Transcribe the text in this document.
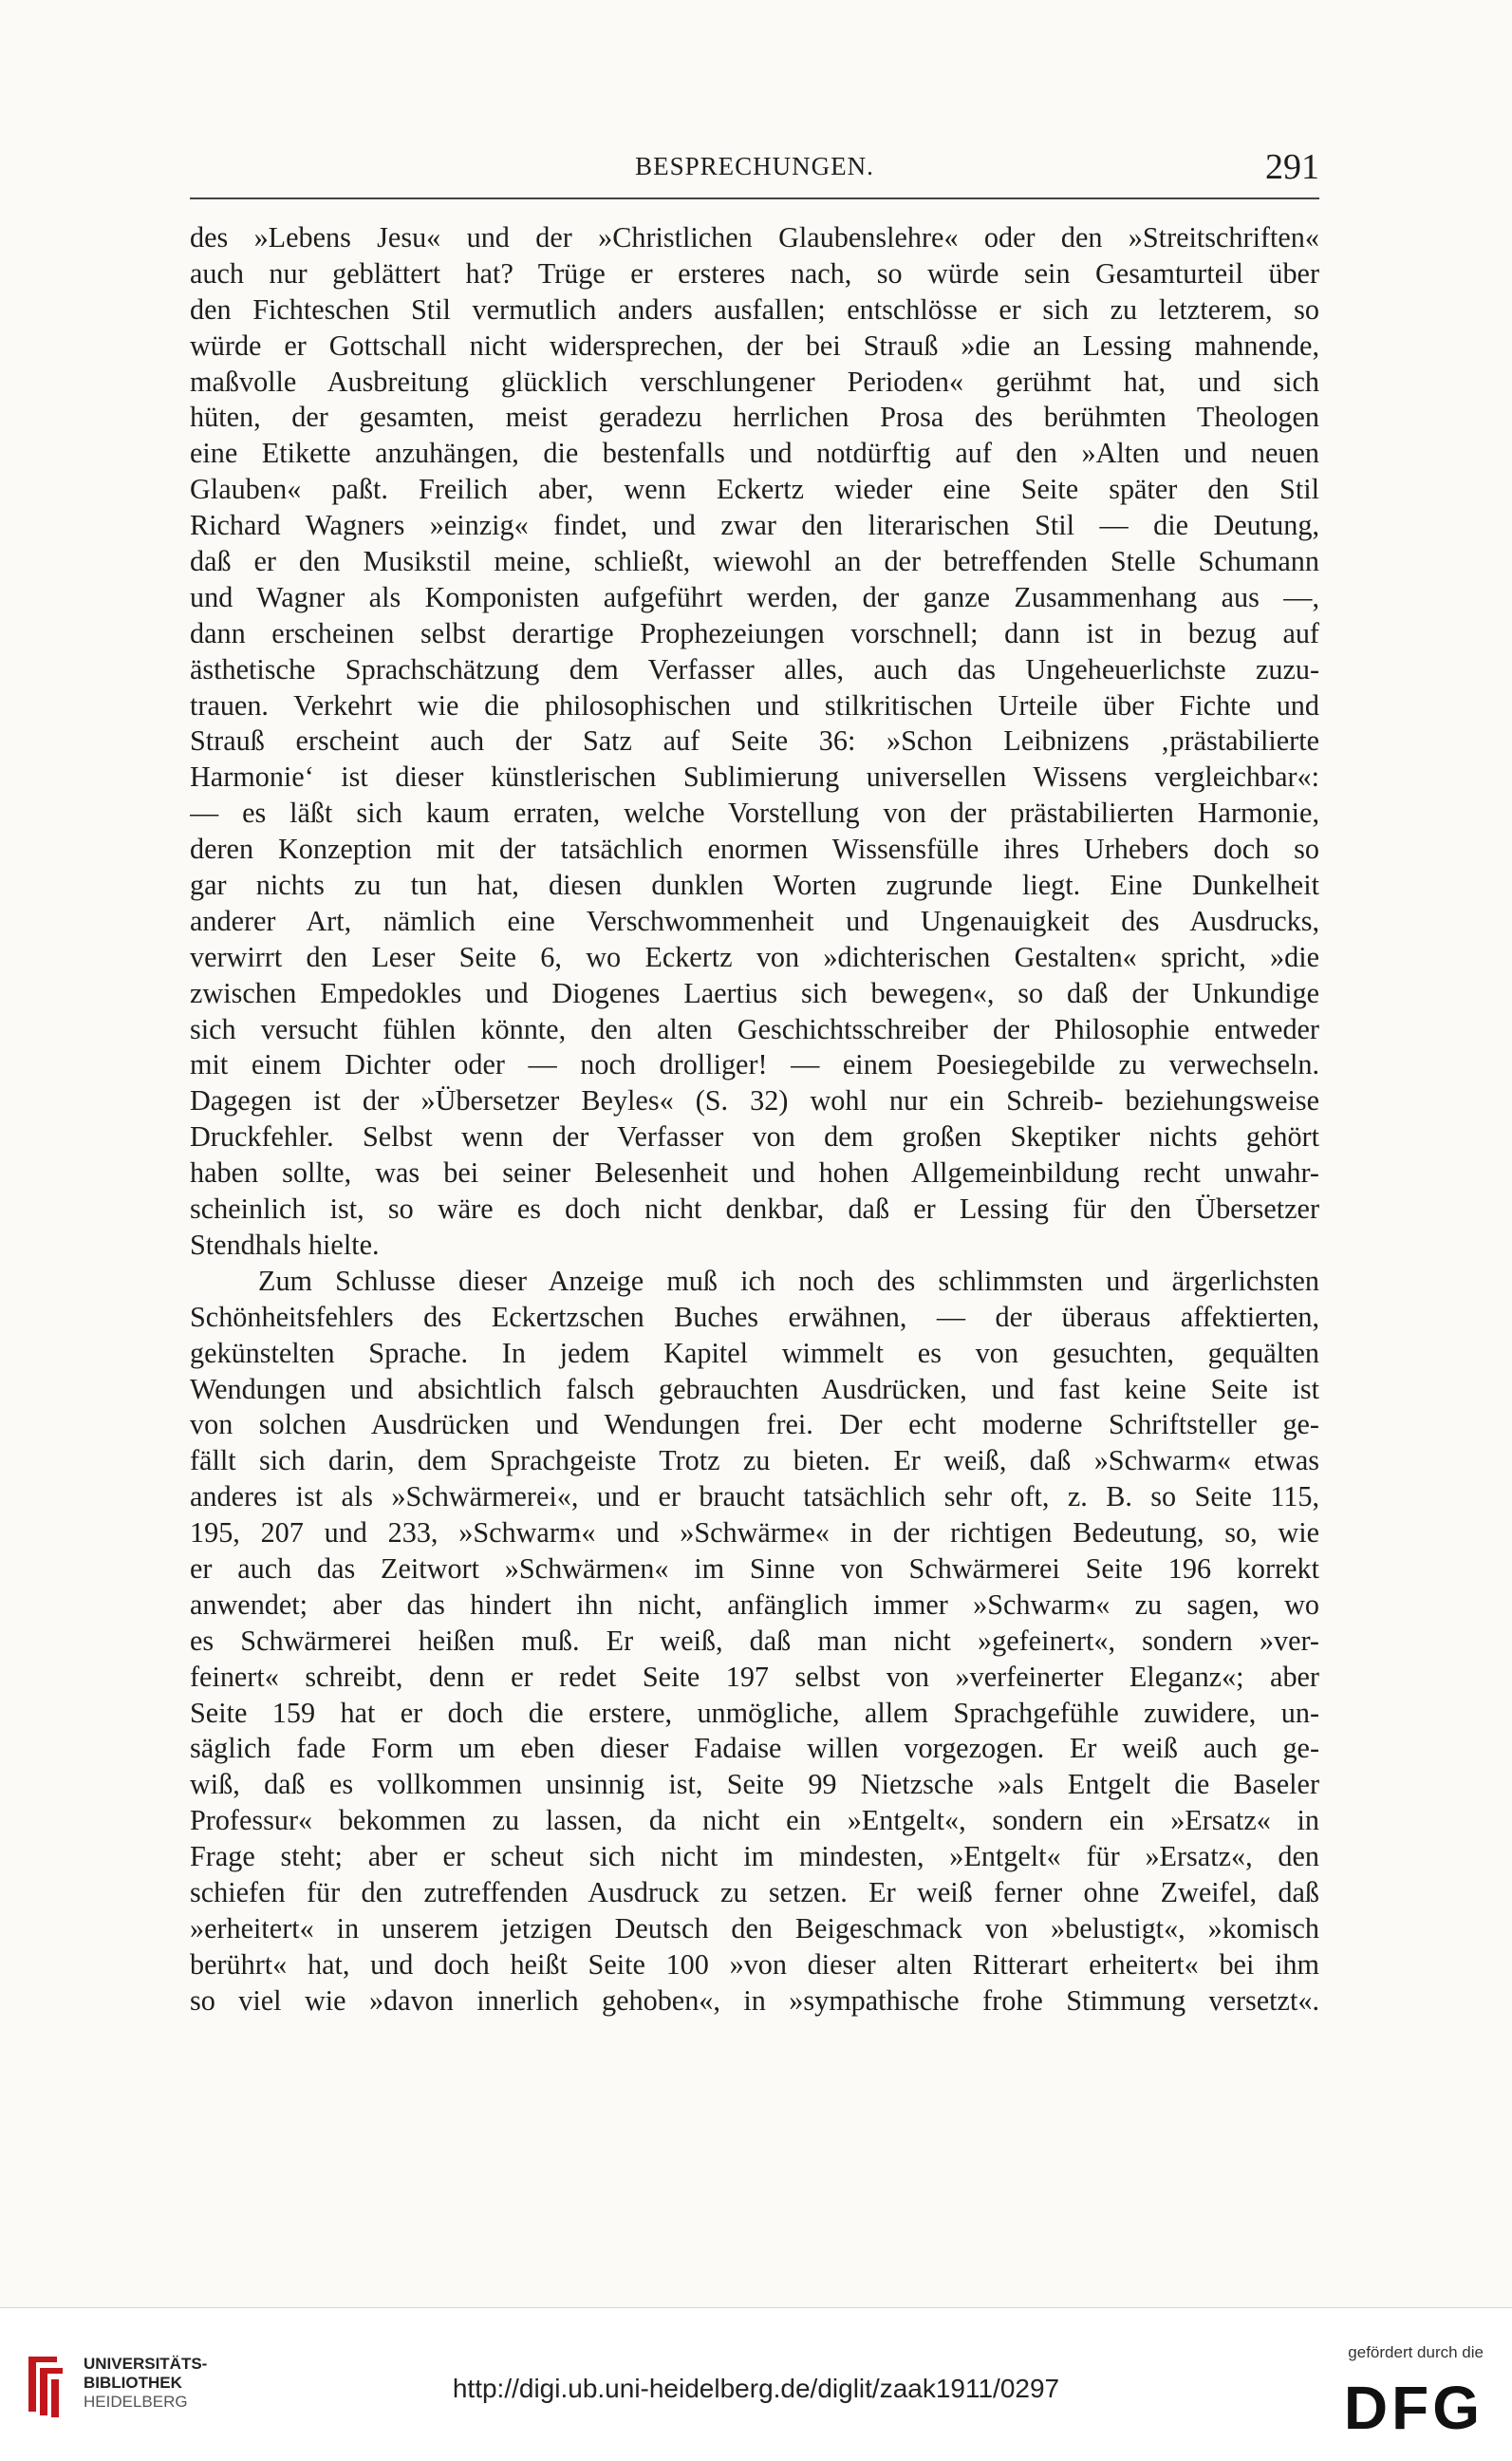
BESPRECHUNGEN.	291
des »Lebens Jesu« und der »Christlichen Glaubenslehre« oder den »Streitschriften«
auch nur geblättert hat? Trüge er ersteres nach, so würde sein Gesamturteil über
den Fichteschen Stil vermutlich anders ausfallen; entschlösse er sich zu letzterem, so
würde er Gottschall nicht widersprechen, der bei Strauß »die an Lessing mahnende,
maßvolle Ausbreitung glücklich verschlungener Perioden« gerühmt hat, und sich
hüten, der gesamten, meist geradezu herrlichen Prosa des berühmten Theologen
eine Etikette anzuhängen, die bestenfalls und notdürftig auf den »Alten und neuen
Glauben« paßt. Freilich aber, wenn Eckertz wieder eine Seite später den Stil
Richard Wagners »einzig« findet, und zwar den literarischen Stil — die Deutung,
daß er den Musikstil meine, schließt, wiewohl an der betreffenden Stelle Schumann
und Wagner als Komponisten aufgeführt werden, der ganze Zusammenhang aus —,
dann erscheinen selbst derartige Prophezeiungen vorschnell; dann ist in bezug auf
ästhetische Sprachschätzung dem Verfasser alles, auch das Ungeheuerlichste zuzu-
trauen. Verkehrt wie die philosophischen und stilkritischen Urteile über Fichte und
Strauß erscheint auch der Satz auf Seite 36: »Schon Leibnizens ‚prästabilierte
Harmonie‘ ist dieser künstlerischen Sublimierung universellen Wissens vergleichbar«:
— es läßt sich kaum erraten, welche Vorstellung von der prästabilierten Harmonie,
deren Konzeption mit der tatsächlich enormen Wissensfülle ihres Urhebers doch so
gar nichts zu tun hat, diesen dunklen Worten zugrunde liegt. Eine Dunkelheit
anderer Art, nämlich eine Verschwommenheit und Ungenauigkeit des Ausdrucks,
verwirrt den Leser Seite 6, wo Eckertz von »dichterischen Gestalten« spricht, »die
zwischen Empedokles und Diogenes Laertius sich bewegen«, so daß der Unkundige
sich versucht fühlen könnte, den alten Geschichtsschreiber der Philosophie entweder
mit einem Dichter oder — noch drolliger! — einem Poesiegebilde zu verwechseln.
Dagegen ist der »Übersetzer Beyles« (S. 32) wohl nur ein Schreib- beziehungsweise
Druckfehler. Selbst wenn der Verfasser von dem großen Skeptiker nichts gehört
haben sollte, was bei seiner Belesenheit und hohen Allgemeinbildung recht unwahr-
scheinlich ist, so wäre es doch nicht denkbar, daß er Lessing für den Übersetzer
Stendhals hielte.
Zum Schlusse dieser Anzeige muß ich noch des schlimmsten und ärgerlichsten
Schönheitsfehlers des Eckertzschen Buches erwähnen, — der überaus affektierten,
gekünstelten Sprache. In jedem Kapitel wimmelt es von gesuchten, gequälten
Wendungen und absichtlich falsch gebrauchten Ausdrücken, und fast keine Seite ist
von solchen Ausdrücken und Wendungen frei. Der echt moderne Schriftsteller ge-
fällt sich darin, dem Sprachgeiste Trotz zu bieten. Er weiß, daß »Schwarm« etwas
anderes ist als »Schwärmerei«, und er braucht tatsächlich sehr oft, z. B. so Seite 115,
195, 207 und 233, »Schwarm« und »Schwärme« in der richtigen Bedeutung, so, wie
er auch das Zeitwort »Schwärmen« im Sinne von Schwärmerei Seite 196 korrekt
anwendet; aber das hindert ihn nicht, anfänglich immer »Schwarm« zu sagen, wo
es Schwärmerei heißen muß. Er weiß, daß man nicht »gefeinert«, sondern »ver-
feinert« schreibt, denn er redet Seite 197 selbst von »verfeinerter Eleganz«; aber
Seite 159 hat er doch die erstere, unmögliche, allem Sprachgefühle zuwidere, un-
säglich fade Form um eben dieser Fadaise willen vorgezogen. Er weiß auch ge-
wiß, daß es vollkommen unsinnig ist, Seite 99 Nietzsche »als Entgelt die Baseler
Professur« bekommen zu lassen, da nicht ein »Entgelt«, sondern ein »Ersatz« in
Frage steht; aber er scheut sich nicht im mindesten, »Entgelt« für »Ersatz«, den
schiefen für den zutreffenden Ausdruck zu setzen. Er weiß ferner ohne Zweifel, daß
»erheitert« in unserem jetzigen Deutsch den Beigeschmack von »belustigt«, »komisch
berührt« hat, und doch heißt Seite 100 »von dieser alten Ritterart erheitert« bei ihm
so viel wie »davon innerlich gehoben«, in »sympathische frohe Stimmung versetzt«.
UNIVERSITÄTS-
BIBLIOTHEK
HEIDELBERG	http://digi.ub.uni-heidelberg.de/diglit/zaak1911/0297
gefördert durch die
DFG
